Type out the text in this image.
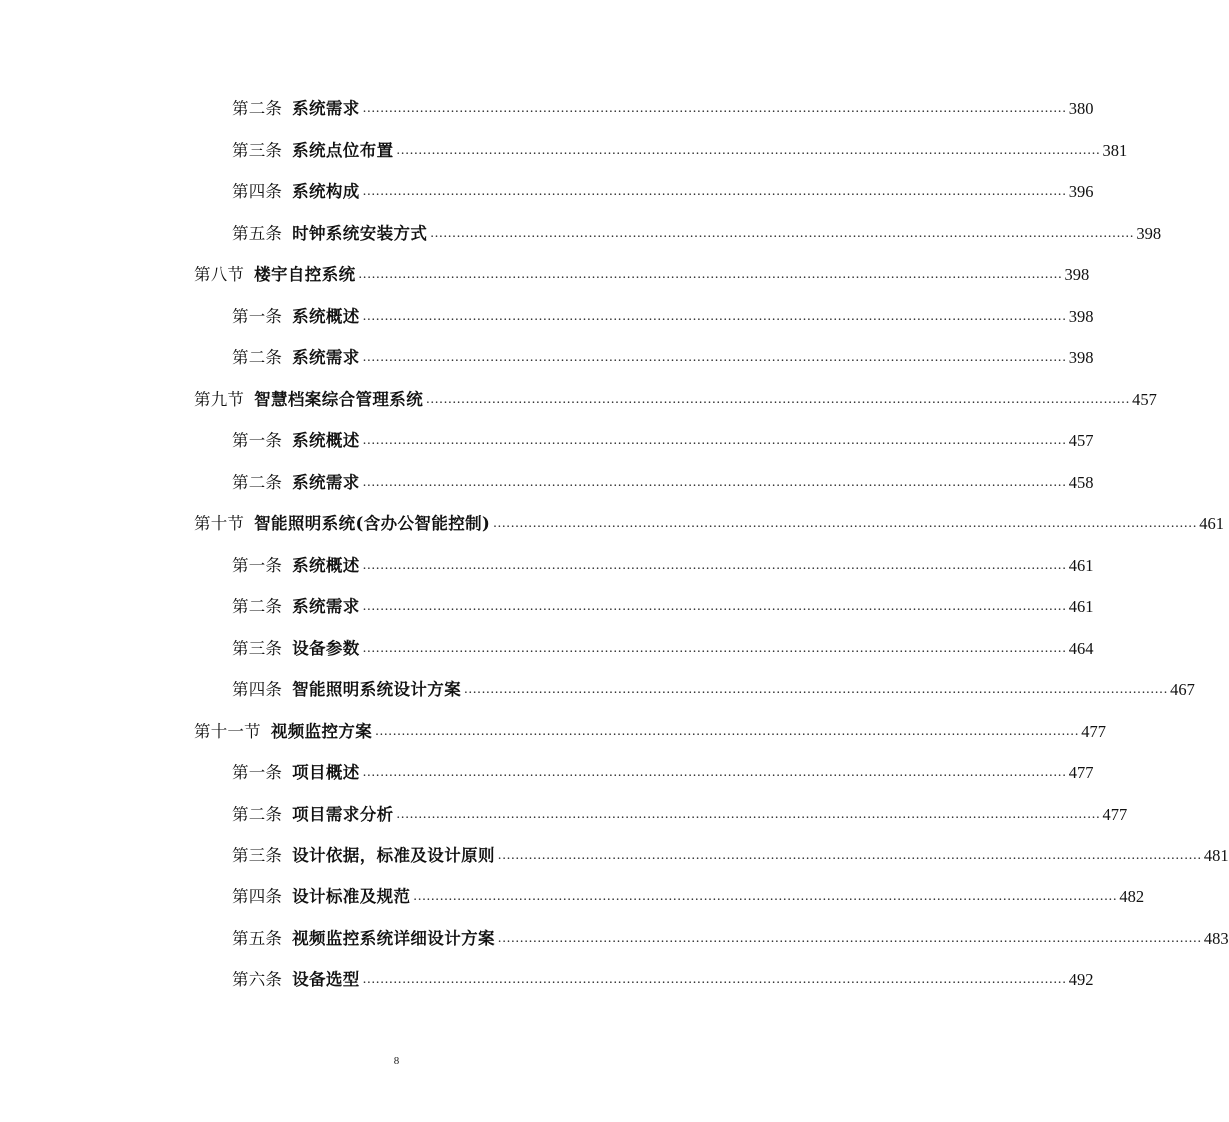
第二条 系统需求 ................................................................................................................................................................ 380
第三条 系统点位布置 ................................................................................................................................................................ 381
第四条 系统构成 ................................................................................................................................................................ 396
第五条 时钟系统安装方式 ................................................................................................................................................................ 398
第八节 楼宇自控系统 ................................................................................................................................................................ 398
第一条 系统概述 ................................................................................................................................................................ 398
第二条 系统需求 ................................................................................................................................................................ 398
第九节 智慧档案综合管理系统 ................................................................................................................................................................ 457
第一条 系统概述 ................................................................................................................................................................ 457
第二条 系统需求 ................................................................................................................................................................ 458
第十节 智能照明系统(含办公智能控制) ................................................................................................................................................................ 461
第一条 系统概述 ................................................................................................................................................................ 461
第二条 系统需求 ................................................................................................................................................................ 461
第三条 设备参数 ................................................................................................................................................................ 464
第四条 智能照明系统设计方案 ................................................................................................................................................................ 467
第十一节 视频监控方案 ................................................................................................................................................................ 477
第一条 项目概述 ................................................................................................................................................................ 477
第二条 项目需求分析 ................................................................................................................................................................ 477
第三条 设计依据，标准及设计原则 ................................................................................................................................................................ 481
第四条 设计标准及规范 ................................................................................................................................................................ 482
第五条 视频监控系统详细设计方案 ................................................................................................................................................................ 483
第六条 设备选型 ................................................................................................................................................................ 492
8
